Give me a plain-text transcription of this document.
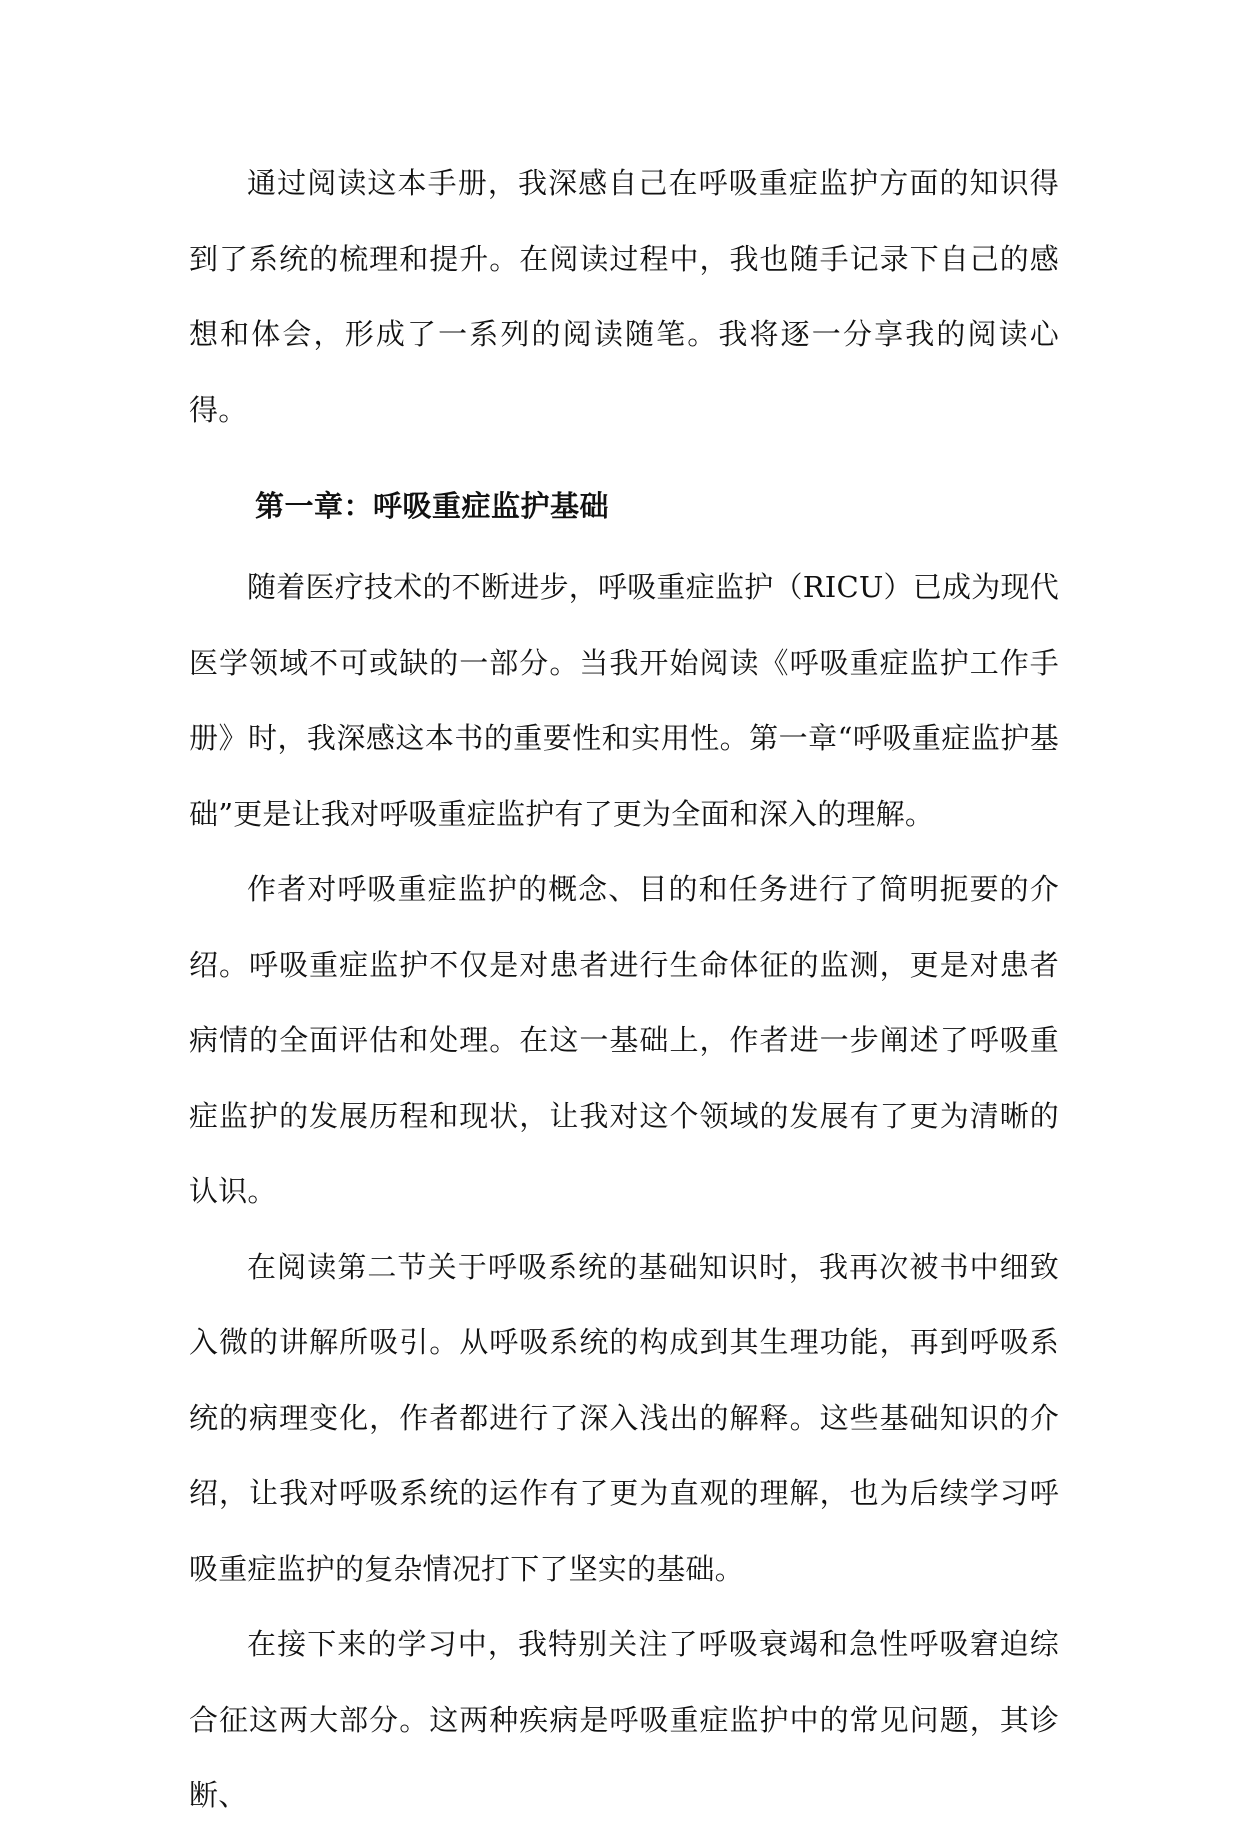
通过阅读这本手册，我深感自己在呼吸重症监护方面的知识得到了系统的梳理和提升。在阅读过程中，我也随手记录下自己的感想和体会，形成了一系列的阅读随笔。我将逐一分享我的阅读心得。

第一章：呼吸重症监护基础

随着医疗技术的不断进步，呼吸重症监护（RICU）已成为现代医学领域不可或缺的一部分。当我开始阅读《呼吸重症监护工作手册》时，我深感这本书的重要性和实用性。第一章“呼吸重症监护基础”更是让我对呼吸重症监护有了更为全面和深入的理解。

作者对呼吸重症监护的概念、目的和任务进行了简明扼要的介绍。呼吸重症监护不仅是对患者进行生命体征的监测，更是对患者病情的全面评估和处理。在这一基础上，作者进一步阐述了呼吸重症监护的发展历程和现状，让我对这个领域的发展有了更为清晰的认识。

在阅读第二节关于呼吸系统的基础知识时，我再次被书中细致入微的讲解所吸引。从呼吸系统的构成到其生理功能，再到呼吸系统的病理变化，作者都进行了深入浅出的解释。这些基础知识的介绍，让我对呼吸系统的运作有了更为直观的理解，也为后续学习呼吸重症监护的复杂情况打下了坚实的基础。

在接下来的学习中，我特别关注了呼吸衰竭和急性呼吸窘迫综合征这两大部分。这两种疾病是呼吸重症监护中的常见问题，其诊断、
